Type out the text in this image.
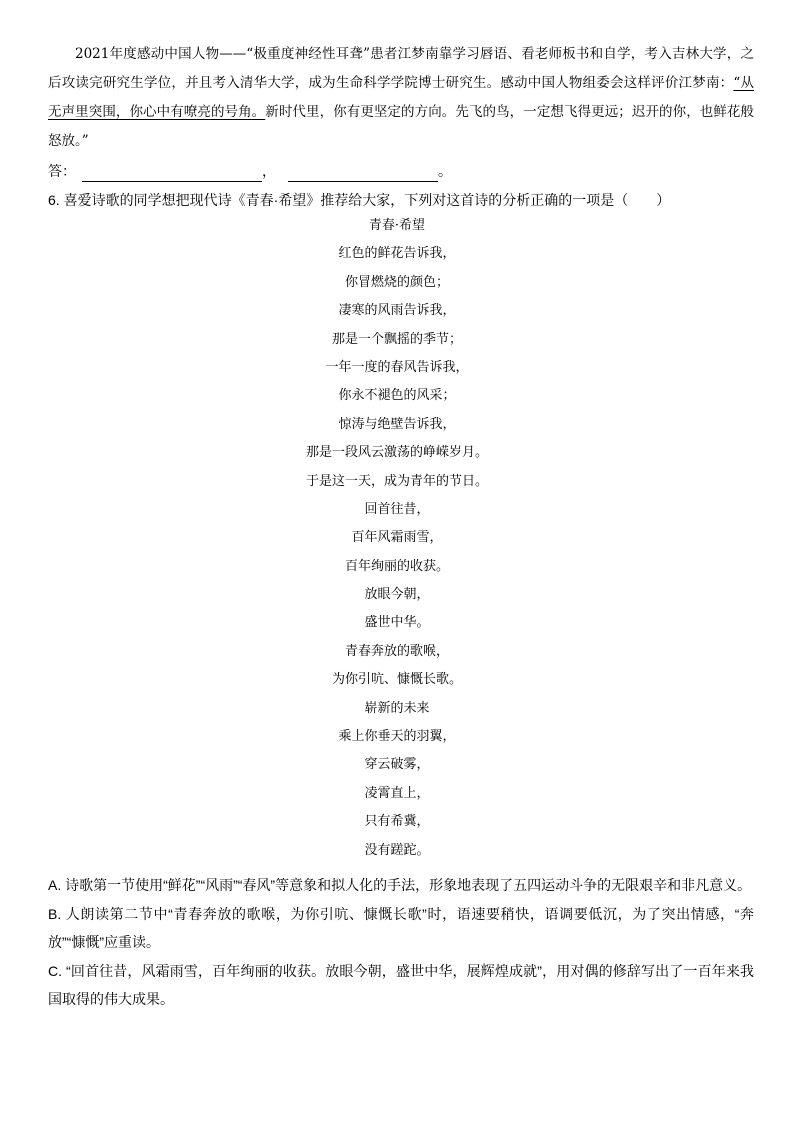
2021年度感动中国人物——“极重度神经性耳聋”患者江梦南靠学习唇语、看老师板书和自学，考入吉林大学，之后攻读完研究生学位，并且考入清华大学，成为生命科学学院博士研究生。感动中国人物组委会这样评价江梦南：“从无声里突围，你心中有嘹亮的号角。新时代里，你有更坚定的方向。先飞的鸟，一定想飞得更远；迟开的你，也鲜花般怒放。”

答：	，	。

6. 喜爱诗歌的同学想把现代诗《青春·希望》推荐给大家，下列对这首诗的分析正确的一项是（　　）

青春·希望
红色的鲜花告诉我，
你冒燃烧的颜色；
凄寒的风雨告诉我，
那是一个飘摇的季节；
一年一度的春风告诉我，
你永不褪色的风采；
惊涛与绝壁告诉我，
那是一段风云激荡的峥嵘岁月。
于是这一天，成为青年的节日。
回首往昔，
百年风霜雨雪，
百年绚丽的收获。
放眼今朝，
盛世中华。
青春奔放的歌喉，
为你引吭、慷慨长歌。
崭新的未来
乘上你垂天的羽翼，
穿云破雾，
凌霄直上，
只有希冀，
没有蹉跎。

A. 诗歌第一节使用“鲜花”“风雨”“春风”等意象和拟人化的手法，形象地表现了五四运动斗争的无限艰辛和非凡意义。

B. 人朗读第二节中“青春奔放的歌喉，为你引吭、慷慨长歌”时，语速要稍快，语调要低沉，为了突出情感，“奔放”“慷慨”应重读。

C. “回首往昔，风霜雨雪，百年绚丽的收获。放眼今朝，盛世中华，展辉煌成就”，用对偶的修辞写出了一百年来我国取得的伟大成果。
